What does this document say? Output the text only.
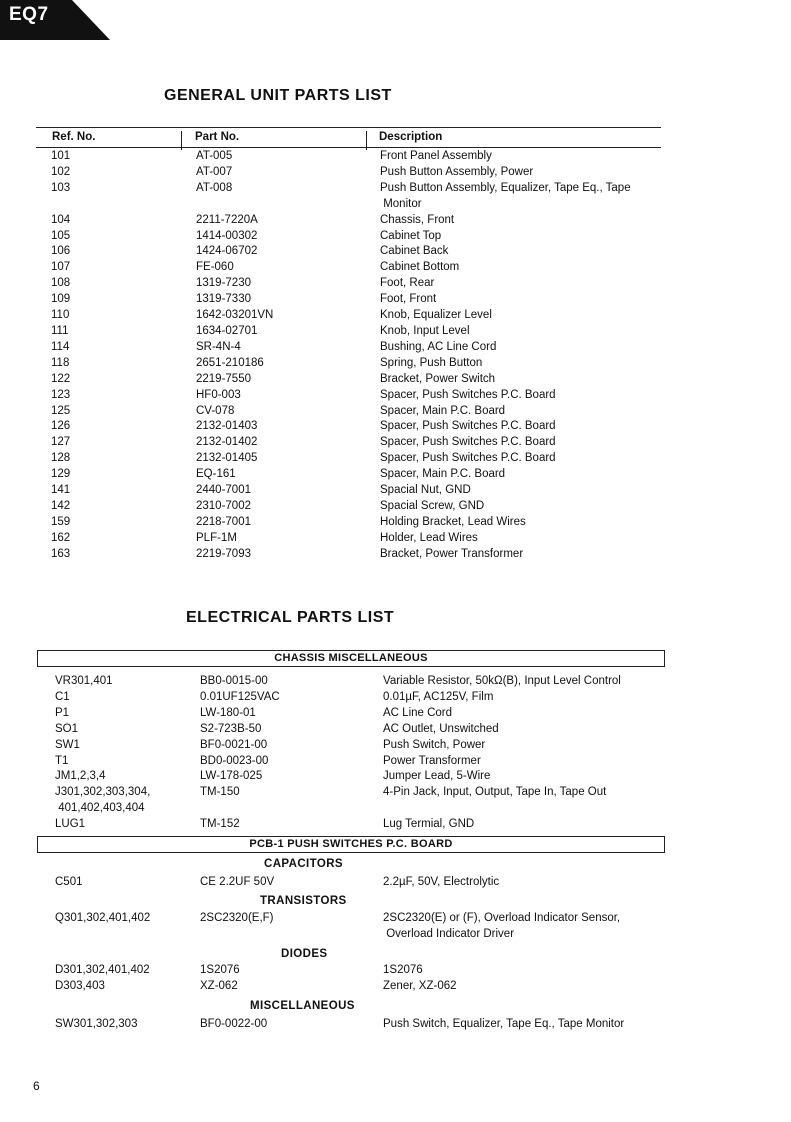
EQ7
GENERAL UNIT PARTS LIST
Ref. No.	Part No.	Description
101	AT-005	Front Panel Assembly
102	AT-007	Push Button Assembly, Power
103	AT-008	Push Button Assembly, Equalizer, Tape Eq., Tape
Monitor
104	2211-7220A	Chassis, Front
105	1414-00302	Cabinet Top
106	1424-06702	Cabinet Back
107	FE-060	Cabinet Bottom
108	1319-7230	Foot, Rear
109	1319-7330	Foot, Front
110	1642-03201VN	Knob, Equalizer Level
111	1634-02701	Knob, Input Level
114	SR-4N-4	Bushing, AC Line Cord
118	2651-210186	Spring, Push Button
122	2219-7550	Bracket, Power Switch
123	HF0-003	Spacer, Push Switches P.C. Board
125	CV-078	Spacer, Main P.C. Board
126	2132-01403	Spacer, Push Switches P.C. Board
127	2132-01402	Spacer, Push Switches P.C. Board
128	2132-01405	Spacer, Push Switches P.C. Board
129	EQ-161	Spacer, Main P.C. Board
141	2440-7001	Spacial Nut, GND
142	2310-7002	Spacial Screw, GND
159	2218-7001	Holding Bracket, Lead Wires
162	PLF-1M	Holder, Lead Wires
163	2219-7093	Bracket, Power Transformer
ELECTRICAL PARTS LIST
CHASSIS MISCELLANEOUS
VR301,401	BB0-0015-00	Variable Resistor, 50kΩ(B), Input Level Control
C1	0.01UF125VAC	0.01µF, AC125V, Film
P1	LW-180-01	AC Line Cord
SO1	S2-723B-50	AC Outlet, Unswitched
SW1	BF0-0021-00	Push Switch, Power
T1	BD0-0023-00	Power Transformer
JM1,2,3,4	LW-178-025	Jumper Lead, 5-Wire
J301,302,303,304,	TM-150	4-Pin Jack, Input, Output, Tape In, Tape Out
401,402,403,404
LUG1	TM-152	Lug Termial, GND
PCB-1 PUSH SWITCHES P.C. BOARD
CAPACITORS
C501	CE 2.2UF 50V	2.2µF, 50V, Electrolytic
TRANSISTORS
Q301,302,401,402	2SC2320(E,F)	2SC2320(E) or (F), Overload Indicator Sensor,
Overload Indicator Driver
DIODES
D301,302,401,402	1S2076	1S2076
D303,403	XZ-062	Zener, XZ-062
MISCELLANEOUS
SW301,302,303	BF0-0022-00	Push Switch, Equalizer, Tape Eq., Tape Monitor
6
